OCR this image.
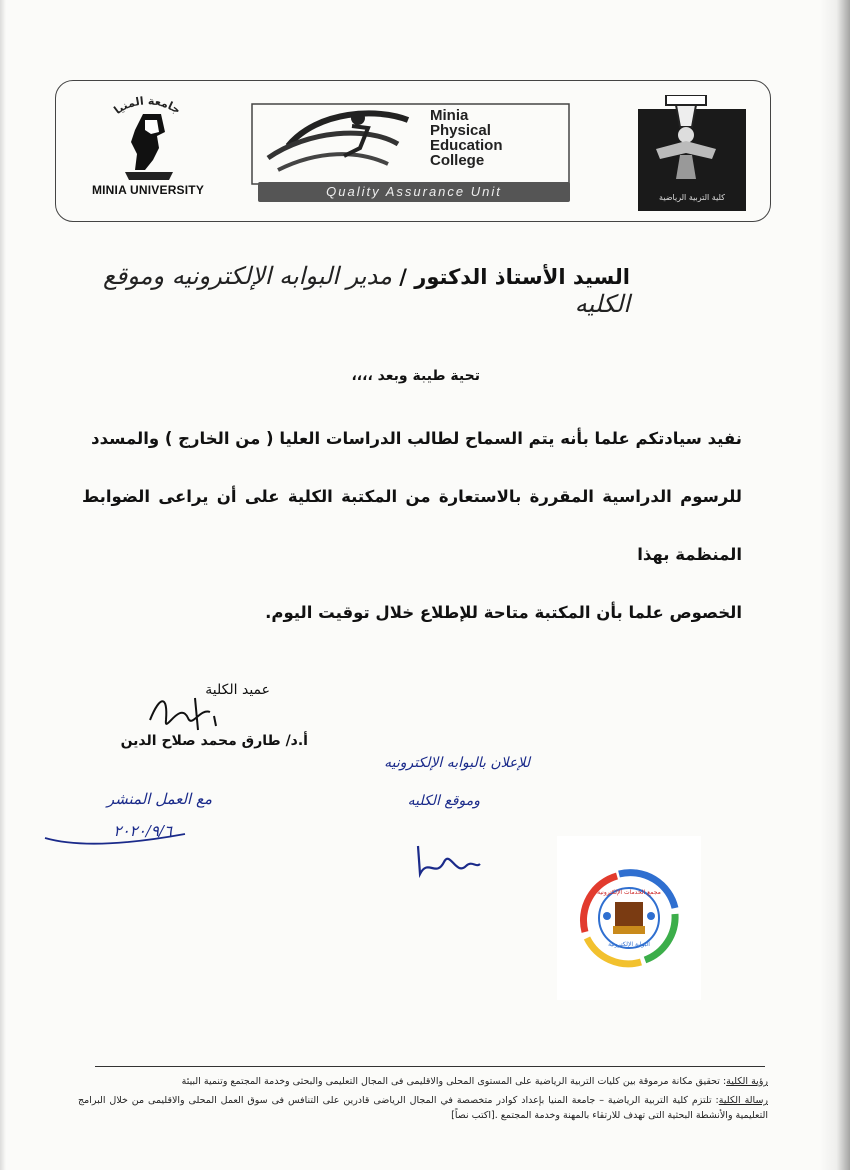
جامعة المنيا
MINIA UNIVERSITY
Minia
Physical
Education
College
Quality Assurance Unit	كلية التربية الرياضية
السيد الأستاذ الدكتور / مدير البوابه الإلكترونيه وموقع الكليه
تحية طيبة وبعد ،،،،

نفيد سيادتكم علما بأنه يتم السماح لطالب الدراسات العليا ( من الخارج ) والمسدد

للرسوم الدراسية المقررة بالاستعارة من المكتبة الكلية على أن يراعى الضوابط المنظمة بهذا

الخصوص علما بأن المكتبة متاحة للإطلاع خلال توقيت اليوم.

عميد الكلية
أ.د/ طارق محمد صلاح الدين
مع العمل المنشر
٢٠٢٠/٩/٦
للإعلان بالبوابه الإلكترونيه
وموقع الكليه
مجمع الخدمات الإلكترونية
البوابة الإلكترونية

رؤية الكلية: تحقيق مكانة مرموقة بين كليات التربية الرياضية على المستوى المحلى والاقليمى فى المجال التعليمى والبحثى وخدمة المجتمع وتنمية البيئة

رسالة الكلية: تلتزم كلية التربية الرياضية – جامعة المنيا بإعداد كوادر متخصصة في المجال الرياضى قادرين على التنافس فى سوق العمل المحلى والاقليمى من خلال البرامج التعليمية والأنشطة البحثية التى تهدف للارتقاء بالمهنة وخدمة المجتمع .[اكتب نصاً]
